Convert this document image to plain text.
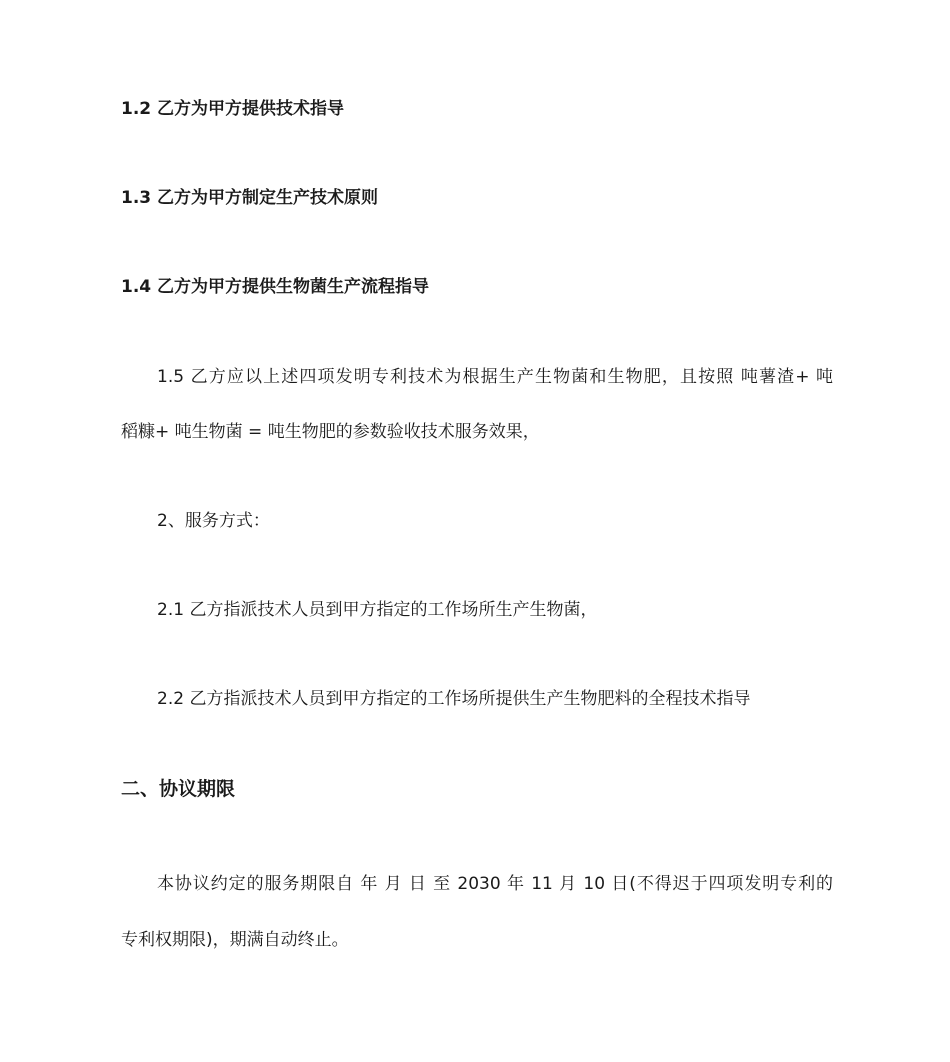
1.2 乙方为甲方提供技术指导
1.3 乙方为甲方制定生产技术原则
1.4 乙方为甲方提供生物菌生产流程指导
1.5 乙方应以上述四项发明专利技术为根据生产生物菌和生物肥，且按照 吨薯渣+ 吨
稻糠+ 吨生物菌 = 吨生物肥的参数验收技术服务效果，
2、服务方式：
2.1 乙方指派技术人员到甲方指定的工作场所生产生物菌，
2.2 乙方指派技术人员到甲方指定的工作场所提供生产生物肥料的全程技术指导
二、协议期限
本协议约定的服务期限自 年 月 日 至 2030 年 11 月 10 日(不得迟于四项发明专利的
专利权期限)，期满自动终止。
